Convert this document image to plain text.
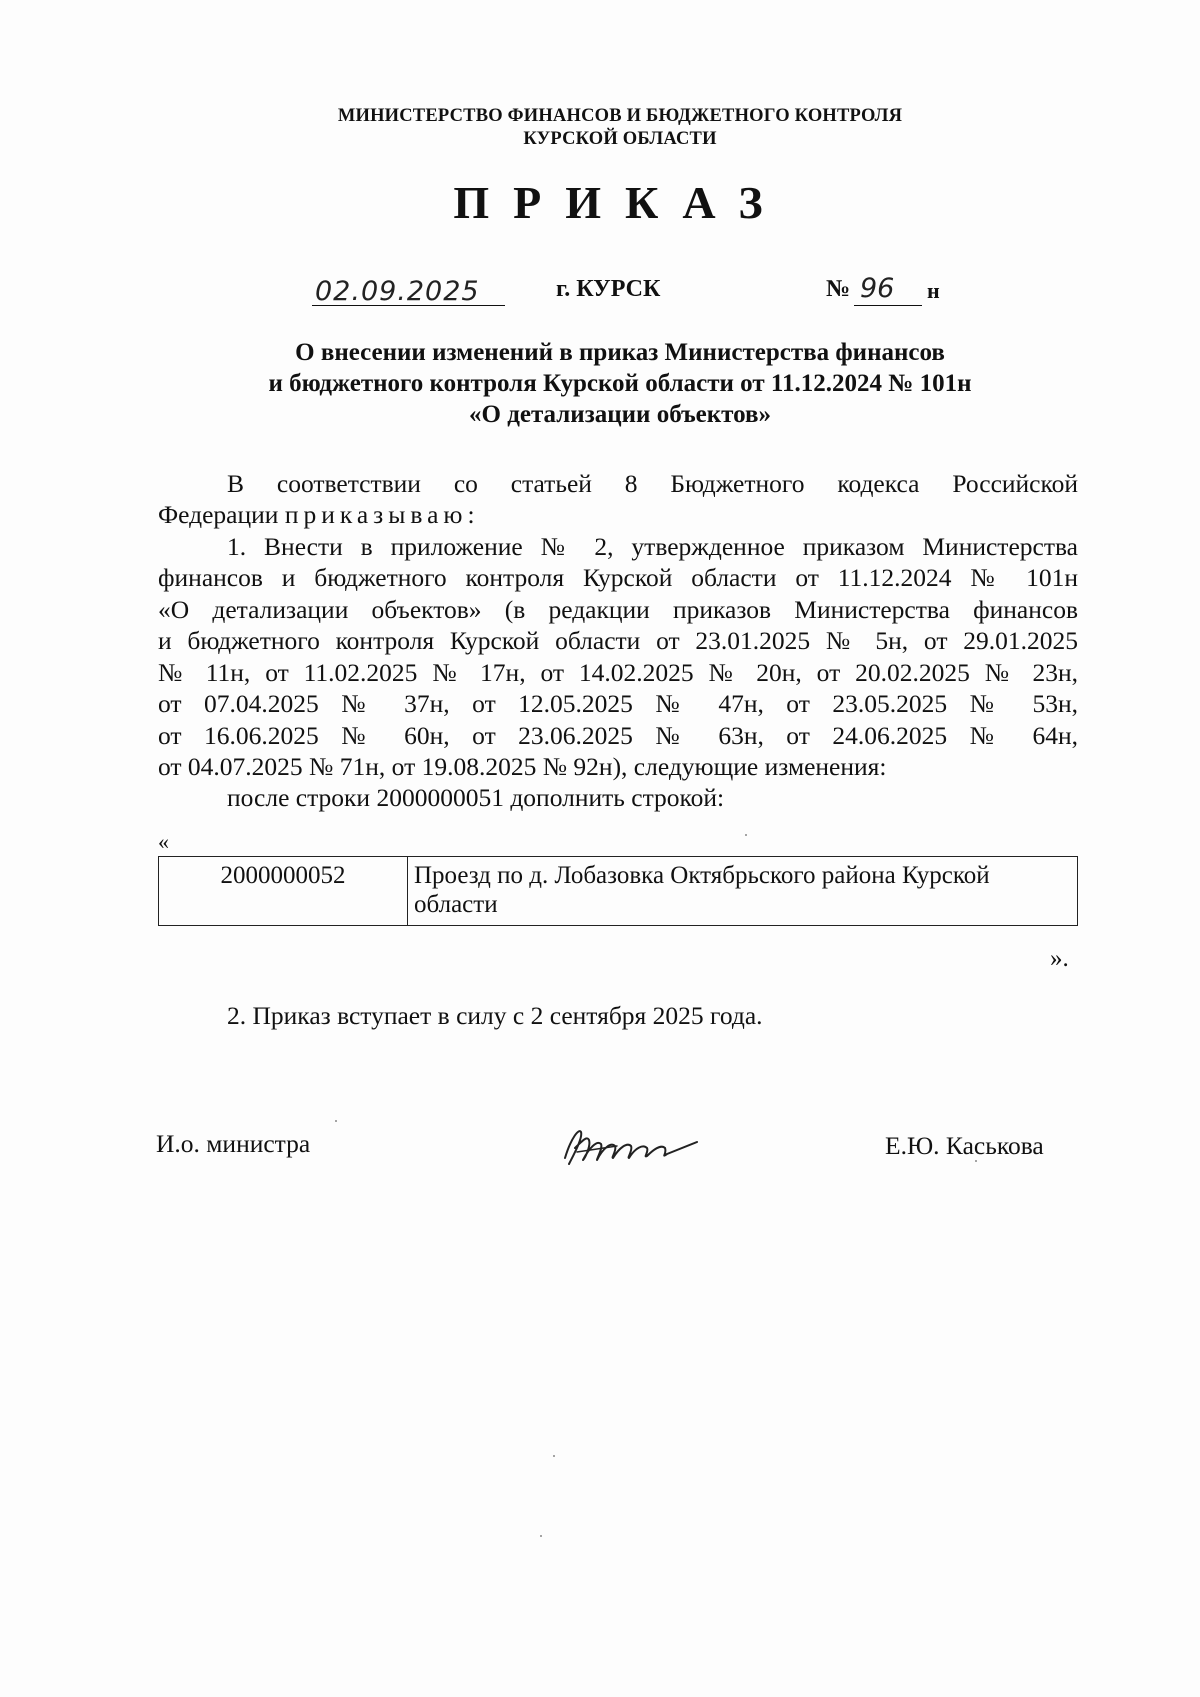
МИНИСТЕРСТВО ФИНАНСОВ И БЮДЖЕТНОГО КОНТРОЛЯ
КУРСКОЙ ОБЛАСТИ
ПРИКАЗ
02.09.2025	г. КУРСК	№ 96 н
О внесении изменений в приказ Министерства финансов
и бюджетного контроля Курской области от 11.12.2024 № 101н
«О детализации объектов»
В соответствии со статьей 8 Бюджетного кодекса Российской
Федерации приказываю:
1. Внести в приложение № 2, утвержденное приказом Министерства
финансов и бюджетного контроля Курской области от 11.12.2024 № 101н
«О детализации объектов» (в редакции приказов Министерства финансов
и бюджетного контроля Курской области от 23.01.2025 № 5н, от 29.01.2025
№ 11н, от 11.02.2025 № 17н, от 14.02.2025 № 20н, от 20.02.2025 № 23н,
от 07.04.2025 № 37н, от 12.05.2025 № 47н, от 23.05.2025 № 53н,
от 16.06.2025 № 60н, от 23.06.2025 № 63н, от 24.06.2025 № 64н,
от 04.07.2025 № 71н, от 19.08.2025 № 92н), следующие изменения:
после строки 2000000051 дополнить строкой:
«
2000000052	Проезд по д. Лобазовка Октябрьского района Курской
области
».
2. Приказ вступает в силу с 2 сентября 2025 года.
И.о. министра	Е.Ю. Каськова
